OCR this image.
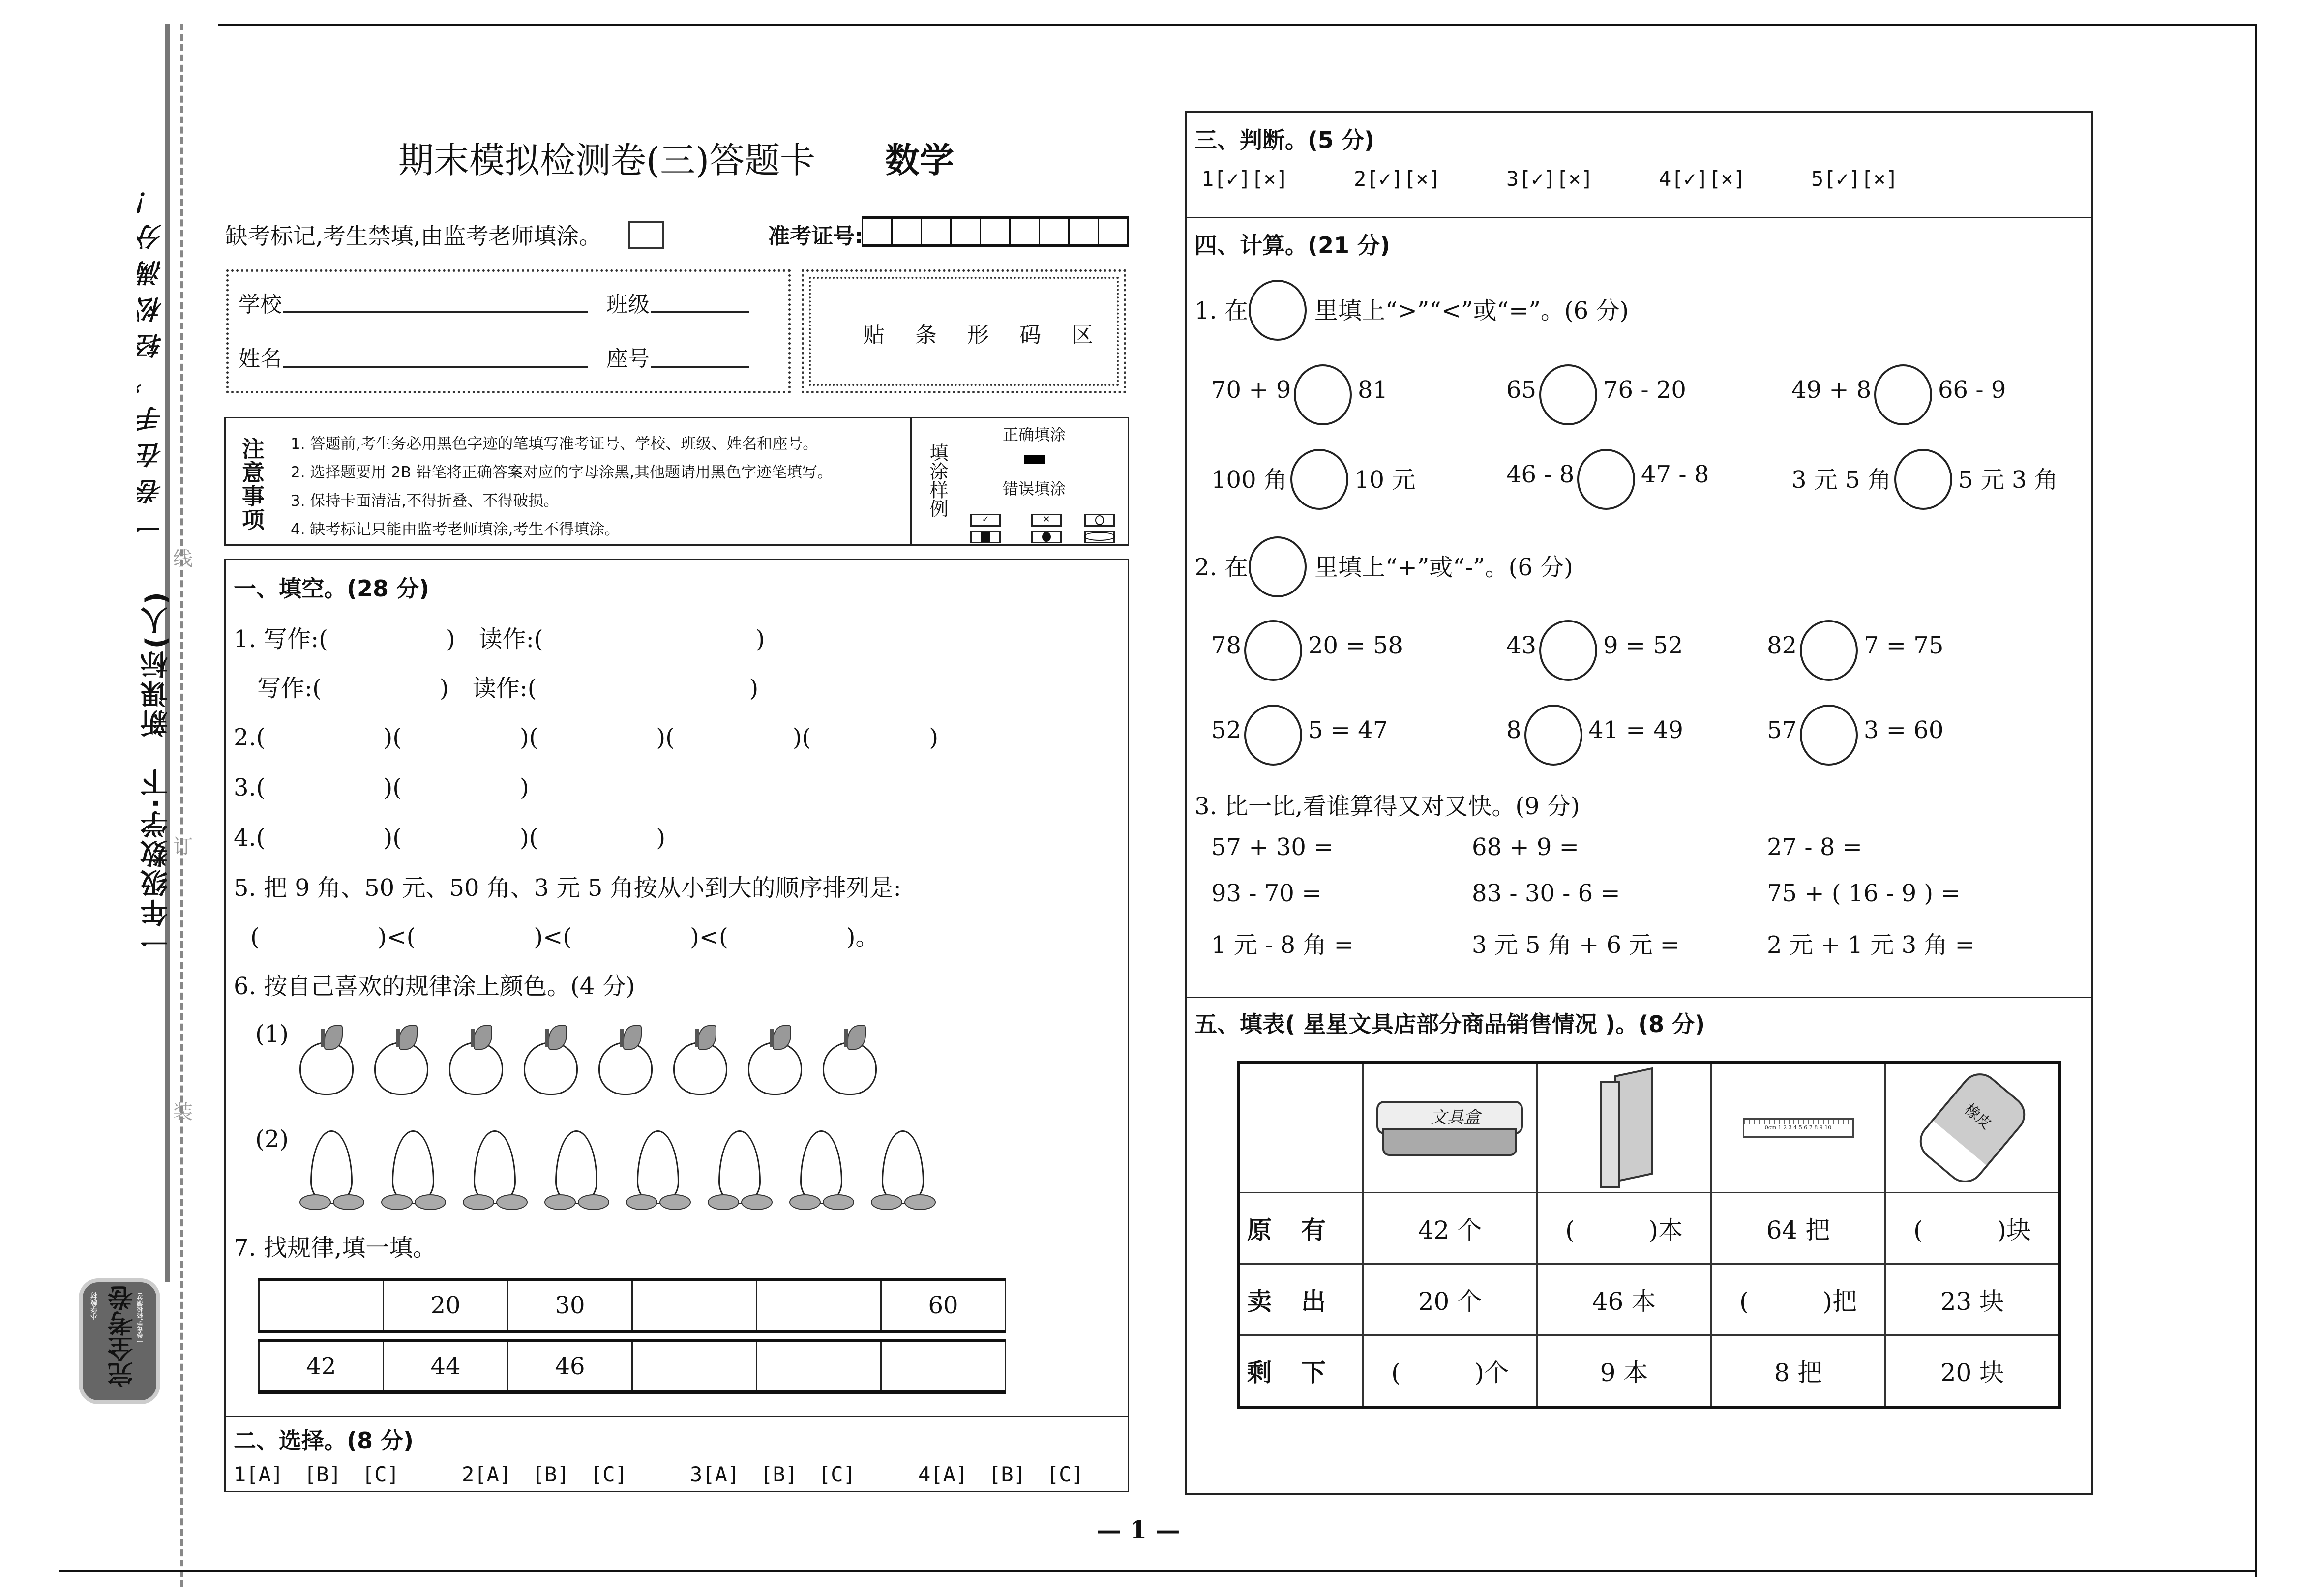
一卷在手，轻松满分！
一年级数学·下　新课标(人)
线
订
装
小学教材 完全考卷
一卷在手,轻松满分!
期末模拟检测卷(三)答题卡 数学
缺考标记,考生禁填,由监考老师填涂。	准考证号:
学校	班级
姓名	座号
贴 条 形 码 区
注意事项 1. 答题前,考生务必用黑色字迹的笔填写准考证号、学校、班级、姓名和座号。
2. 选择题要用 2B 铅笔将正确答案对应的字母涂黑,其他题请用黑色字迹笔填写。
3. 保持卡面清洁,不得折叠、不得破损。
4. 缺考标记只能由监考老师填涂,考生不得填涂。
填涂样例
正确填涂
错误填涂
✓	✕
一、填空。(28 分)
1. 写作:(　　　　　)　读作:(　　　　　　　　　)
　写作:(　　　　　)　读作:(　　　　　　　　　)
2.(　　　　　)(　　　　　)(　　　　　)(　　　　　)(　　　　　)
3.(　　　　　)(　　　　　)
4.(　　　　　)(　　　　　)(　　　　　)
5. 把 9 角、50 元、50 角、3 元 5 角按从小到大的顺序排列是:
(　　　　　)<(　　　　　)<(　　　　　)<(　　　　　)。
6. 按自己喜欢的规律涂上颜色。(4 分)
(1)
(2)
7. 找规律,填一填。
	20	30			60
42	44	46			
二、选择。(8 分)
1[A]　[B]　[C]	2[A]　[B]　[C]	3[A]　[B]　[C]	4[A]　[B]　[C]
三、判断。(5 分)
1[✓][×]	2[✓][×]	3[✓][×]	4[✓][×]	5[✓][×]
四、计算。(21 分)
1. 在	里填上“>”“<”或“=”。(6 分)
70 + 9	81	65	76 - 20	49 + 8	66 - 9
100 角	10 元	46 - 8	47 - 8	3 元 5 角	5 元 3 角
2. 在	里填上“+”或“-”。(6 分)
78	20 = 58	43	9 = 52	82	7 = 75
52	5 = 47	8	41 = 49	57	3 = 60
3. 比一比,看谁算得又对又快。(9 分)
57 + 30 =	68 + 9 =	27 - 8 =
93 - 70 =	83 - 30 - 6 =	75 + ( 16 - 9 ) =
1 元 - 8 角 =	3 元 5 角 + 6 元 =	2 元 + 1 元 3 角 =
五、填表( 星星文具店部分商品销售情况 )。(8 分)

	文具盒		0cm 1 2 3 4 5 6 7 8 9 10	橡皮

原有	42 个	(　　　)本	64 把	(　　　)块
卖出	20 个	46 本	(　　　)把	23 块
剩下	(　　　)个	9 本	8 把	20 块
— 1 —
